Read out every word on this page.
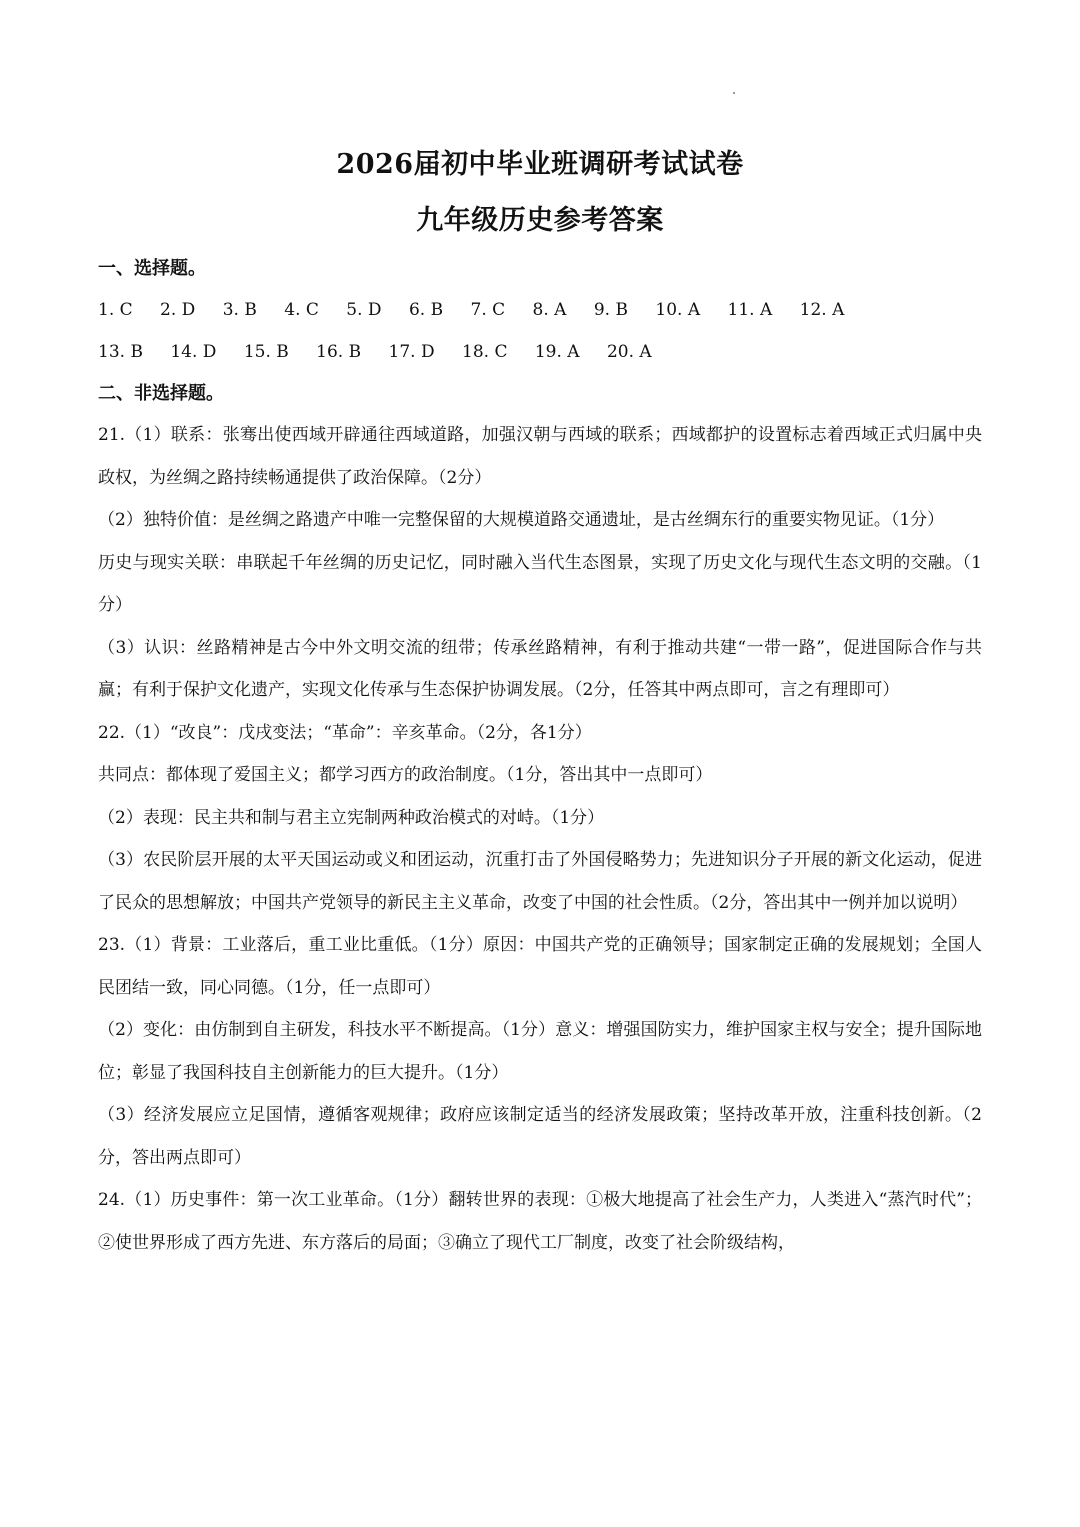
2026届初中毕业班调研考试试卷
九年级历史参考答案
一、选择题。
1. C 2. D 3. B 4. C 5. D 6. B 7. C 8. A 9. B 10. A 11. A 12. A
13. B 14. D 15. B 16. B 17. D 18. C 19. A 20. A
二、非选择题。

21.（1）联系：张骞出使西域开辟通往西域道路，加强汉朝与西域的联系；西域都护的设置标志着西域正式归属中央政权，为丝绸之路持续畅通提供了政治保障。（2分）

（2）独特价值：是丝绸之路遗产中唯一完整保留的大规模道路交通遗址，是古丝绸东行的重要实物见证。（1分）

历史与现实关联：串联起千年丝绸的历史记忆，同时融入当代生态图景，实现了历史文化与现代生态文明的交融。（1分）

（3）认识：丝路精神是古今中外文明交流的纽带；传承丝路精神，有利于推动共建“一带一路”，促进国际合作与共赢；有利于保护文化遗产，实现文化传承与生态保护协调发展。（2分，任答其中两点即可，言之有理即可）

22.（1）“改良”：戊戌变法；“革命”：辛亥革命。（2分，各1分）

共同点：都体现了爱国主义；都学习西方的政治制度。（1分，答出其中一点即可）

（2）表现：民主共和制与君主立宪制两种政治模式的对峙。（1分）

（3）农民阶层开展的太平天国运动或义和团运动，沉重打击了外国侵略势力；先进知识分子开展的新文化运动，促进了民众的思想解放；中国共产党领导的新民主主义革命，改变了中国的社会性质。（2分，答出其中一例并加以说明）

23.（1）背景：工业落后，重工业比重低。（1分）原因：中国共产党的正确领导；国家制定正确的发展规划；全国人民团结一致，同心同德。（1分，任一点即可）

（2）变化：由仿制到自主研发，科技水平不断提高。（1分）意义：增强国防实力，维护国家主权与安全；提升国际地位；彰显了我国科技自主创新能力的巨大提升。（1分）

（3）经济发展应立足国情，遵循客观规律；政府应该制定适当的经济发展政策；坚持改革开放，注重科技创新。（2分，答出两点即可）

24.（1）历史事件：第一次工业革命。（1分）翻转世界的表现：①极大地提高了社会生产力，人类进入“蒸汽时代”；②使世界形成了西方先进、东方落后的局面；③确立了现代工厂制度，改变了社会阶级结构，
